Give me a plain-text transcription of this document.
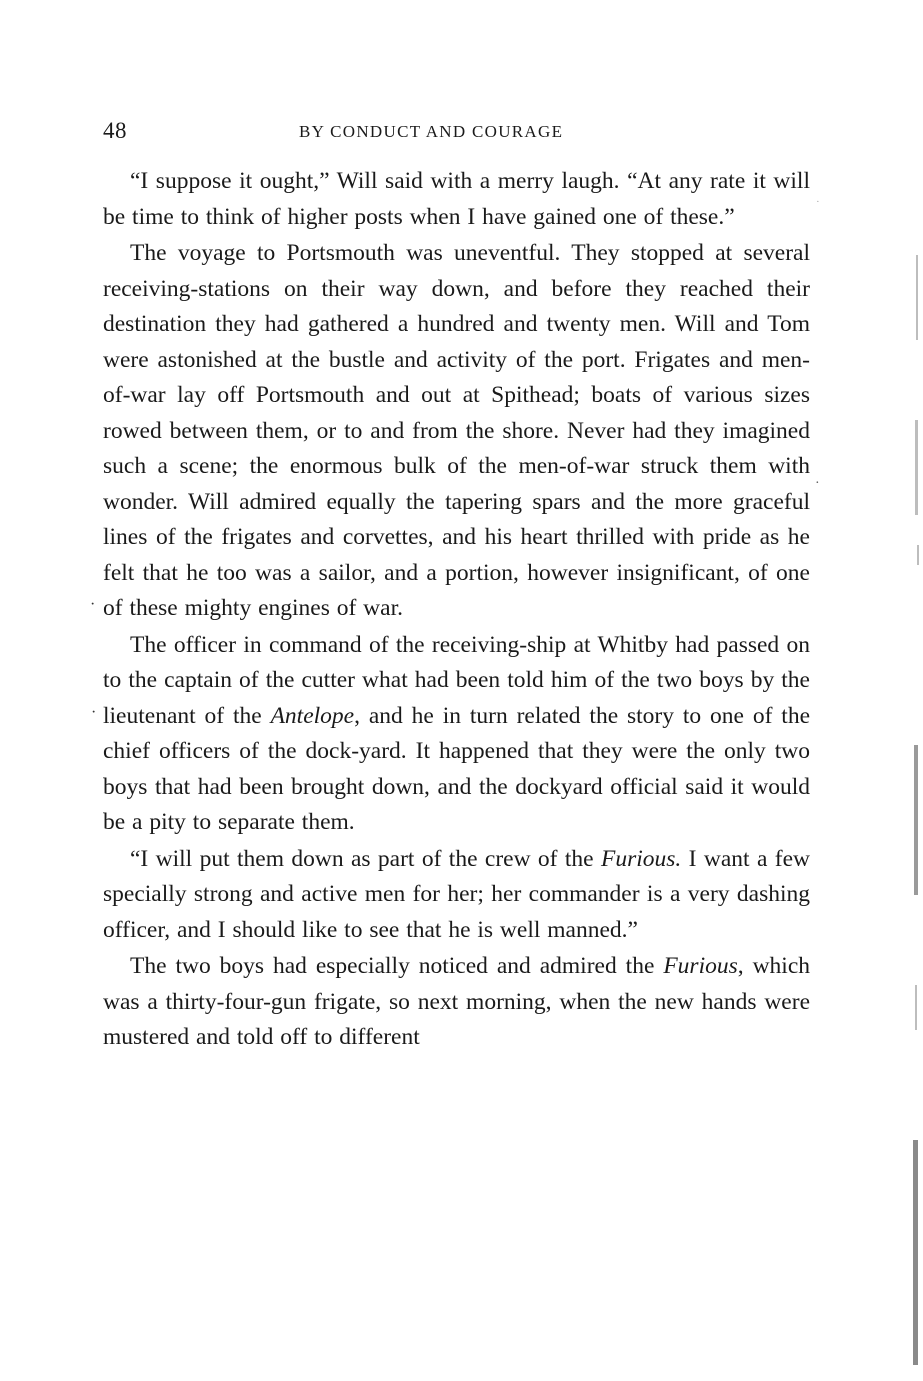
48	BY CONDUCT AND COURAGE

“I suppose it ought,” Will said with a merry laugh. “At any rate it will be time to think of higher posts when I have gained one of these.”

The voyage to Portsmouth was uneventful. They stopped at several receiving-stations on their way down, and before they reached their destination they had gathered a hundred and twenty men. Will and Tom were astonished at the bustle and activity of the port. Frigates and men-of-war lay off Portsmouth and out at Spithead; boats of various sizes rowed between them, or to and from the shore. Never had they imagined such a scene; the enormous bulk of the men-of-war struck them with wonder. Will admired equally the tapering spars and the more graceful lines of the frigates and corvettes, and his heart thrilled with pride as he felt that he too was a sailor, and a portion, however insignificant, of one of these mighty engines of war.

The officer in command of the receiving-ship at Whitby had passed on to the captain of the cutter what had been told him of the two boys by the lieutenant of the Antelope, and he in turn related the story to one of the chief officers of the dock-yard. It happened that they were the only two boys that had been brought down, and the dockyard official said it would be a pity to separate them.

“I will put them down as part of the crew of the Furious. I want a few specially strong and active men for her; her commander is a very dashing officer, and I should like to see that he is well manned.”

The two boys had especially noticed and admired the Furious, which was a thirty-four-gun frigate, so next morning, when the new hands were mustered and told off to different

·
·
·
·
